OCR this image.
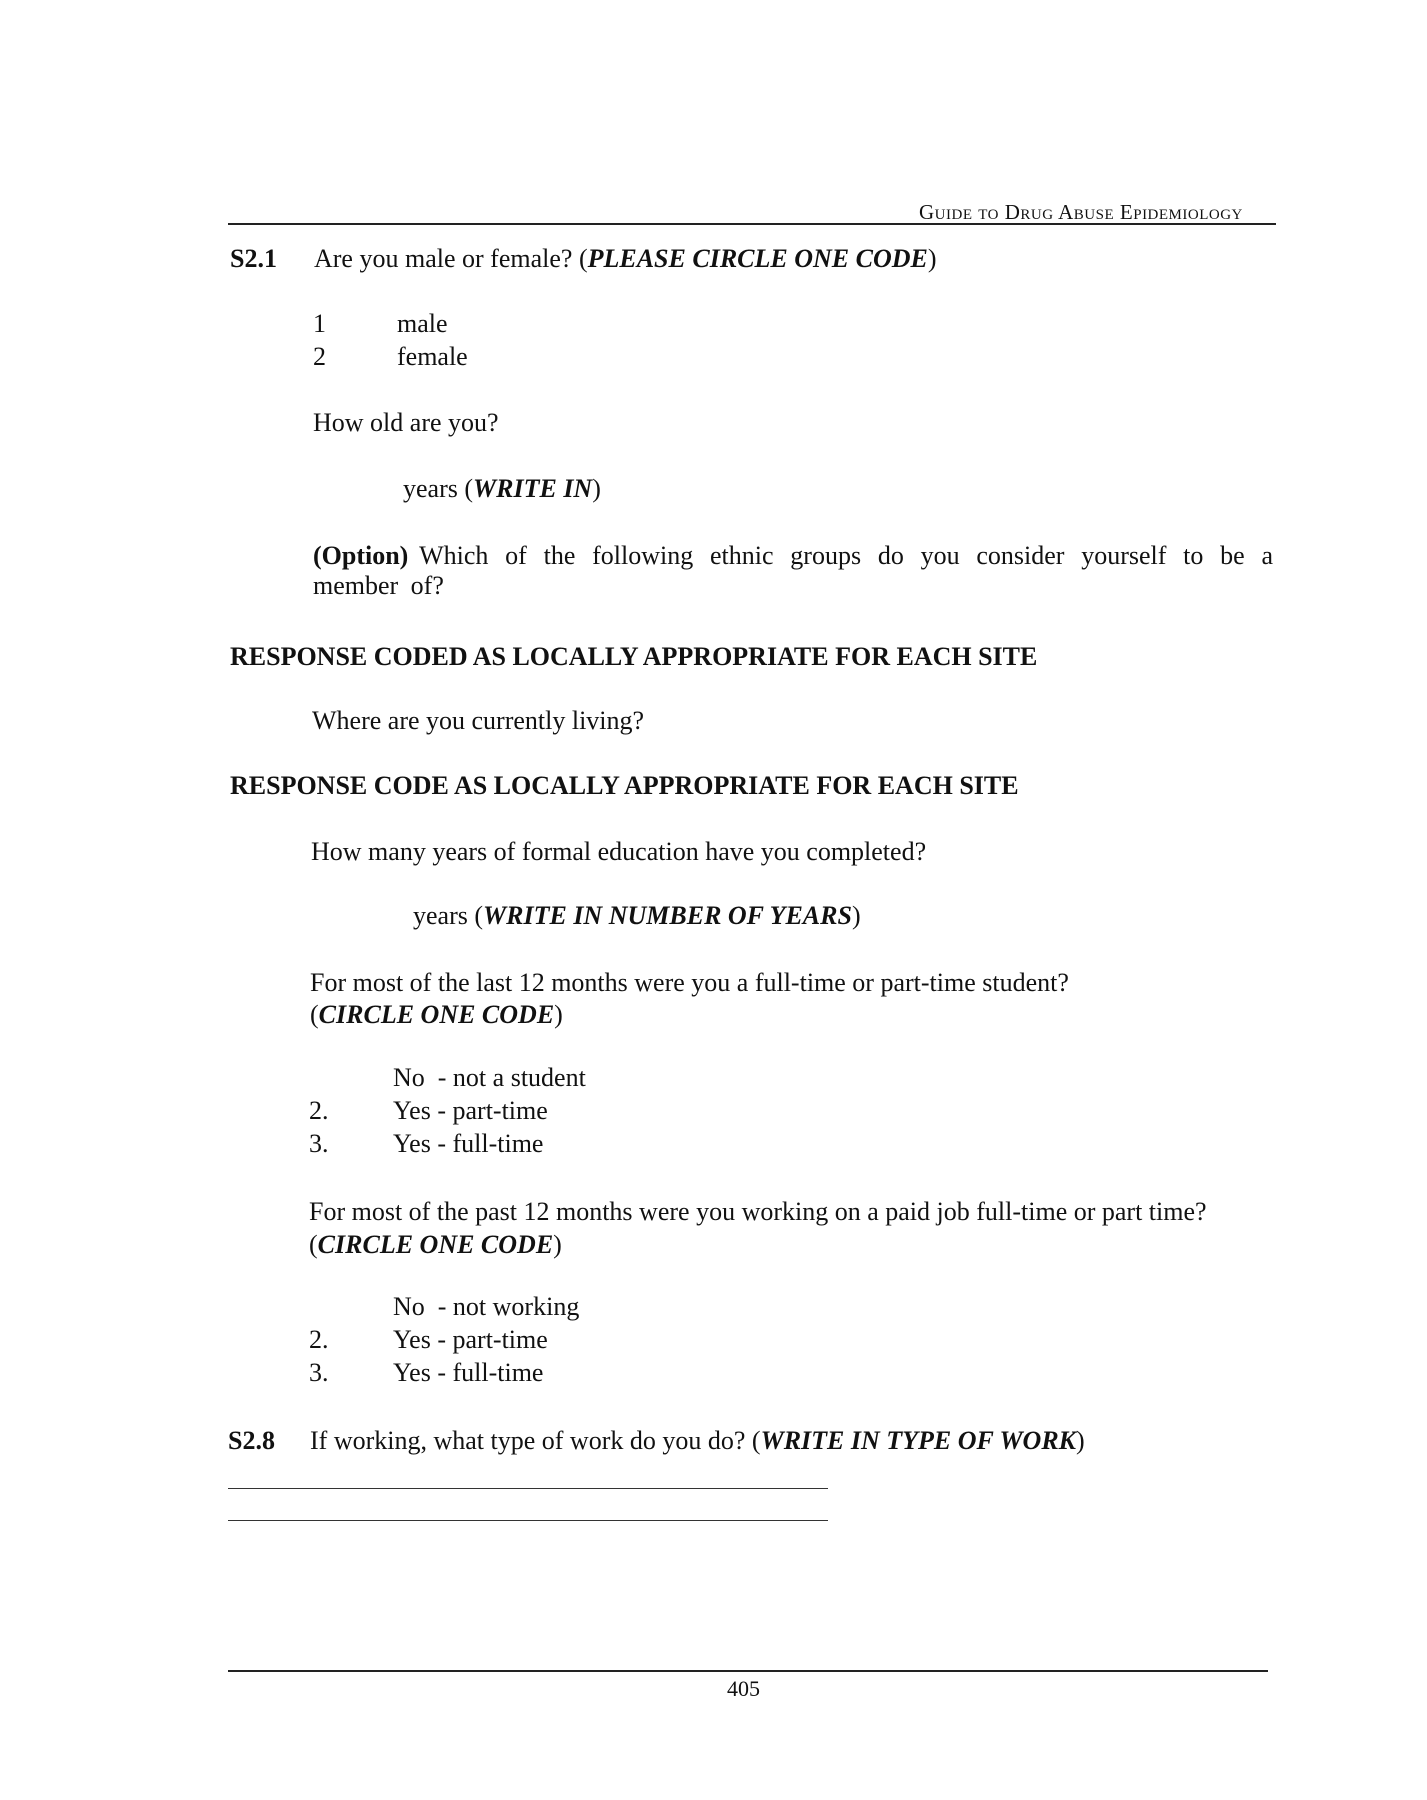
Guide to Drug Abuse Epidemiology
S2.1 Are you male or female? (PLEASE CIRCLE ONE CODE)
1	male
2	female
How old are you?
years (WRITE IN)
(Option) Which of the following ethnic groups do you consider yourself to be a member of?
RESPONSE CODED AS LOCALLY APPROPRIATE FOR EACH SITE
Where are you currently living?
RESPONSE CODE AS LOCALLY APPROPRIATE FOR EACH SITE
How many years of formal education have you completed?
years (WRITE IN NUMBER OF YEARS)
For most of the last 12 months were you a full-time or part-time student?
(CIRCLE ONE CODE)
No  - not a student
2. Yes - part-time
3. Yes - full-time
For most of the past 12 months were you working on a paid job full-time or part time?
(CIRCLE ONE CODE)
No  - not working
2. Yes - part-time
3. Yes - full-time
S2.8 If working, what type of work do you do? (WRITE IN TYPE OF WORK)
405
